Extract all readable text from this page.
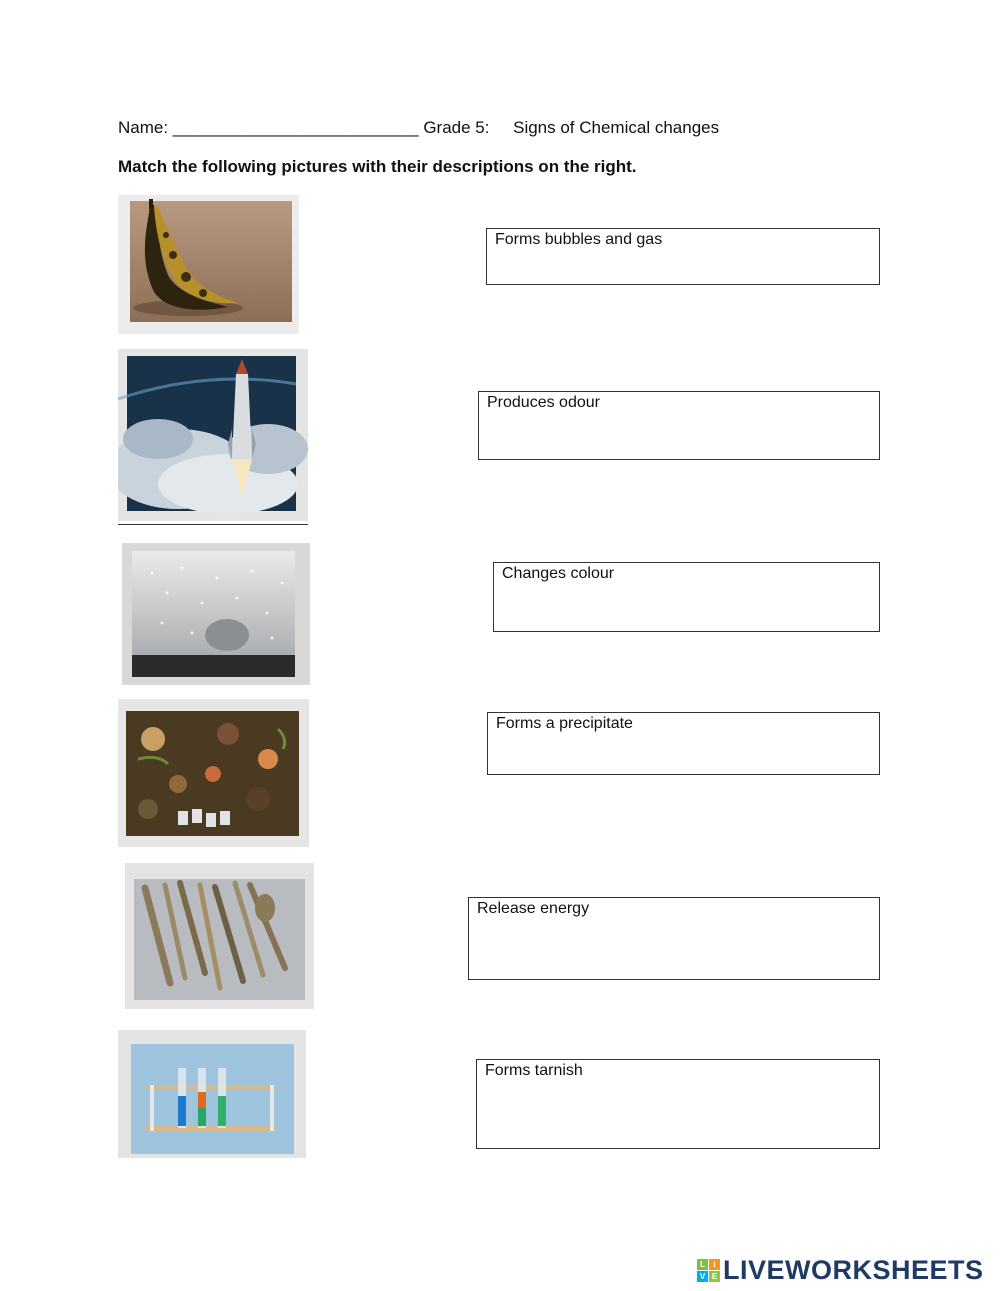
Name: __________________________ Grade 5:     Signs of Chemical changes
Match the following pictures with their descriptions on the right.
Forms bubbles and gas
Produces odour
Changes colour
Forms a precipitate
Release energy
Forms tarnish
L	I
V E LIVEWORKSHEETS
